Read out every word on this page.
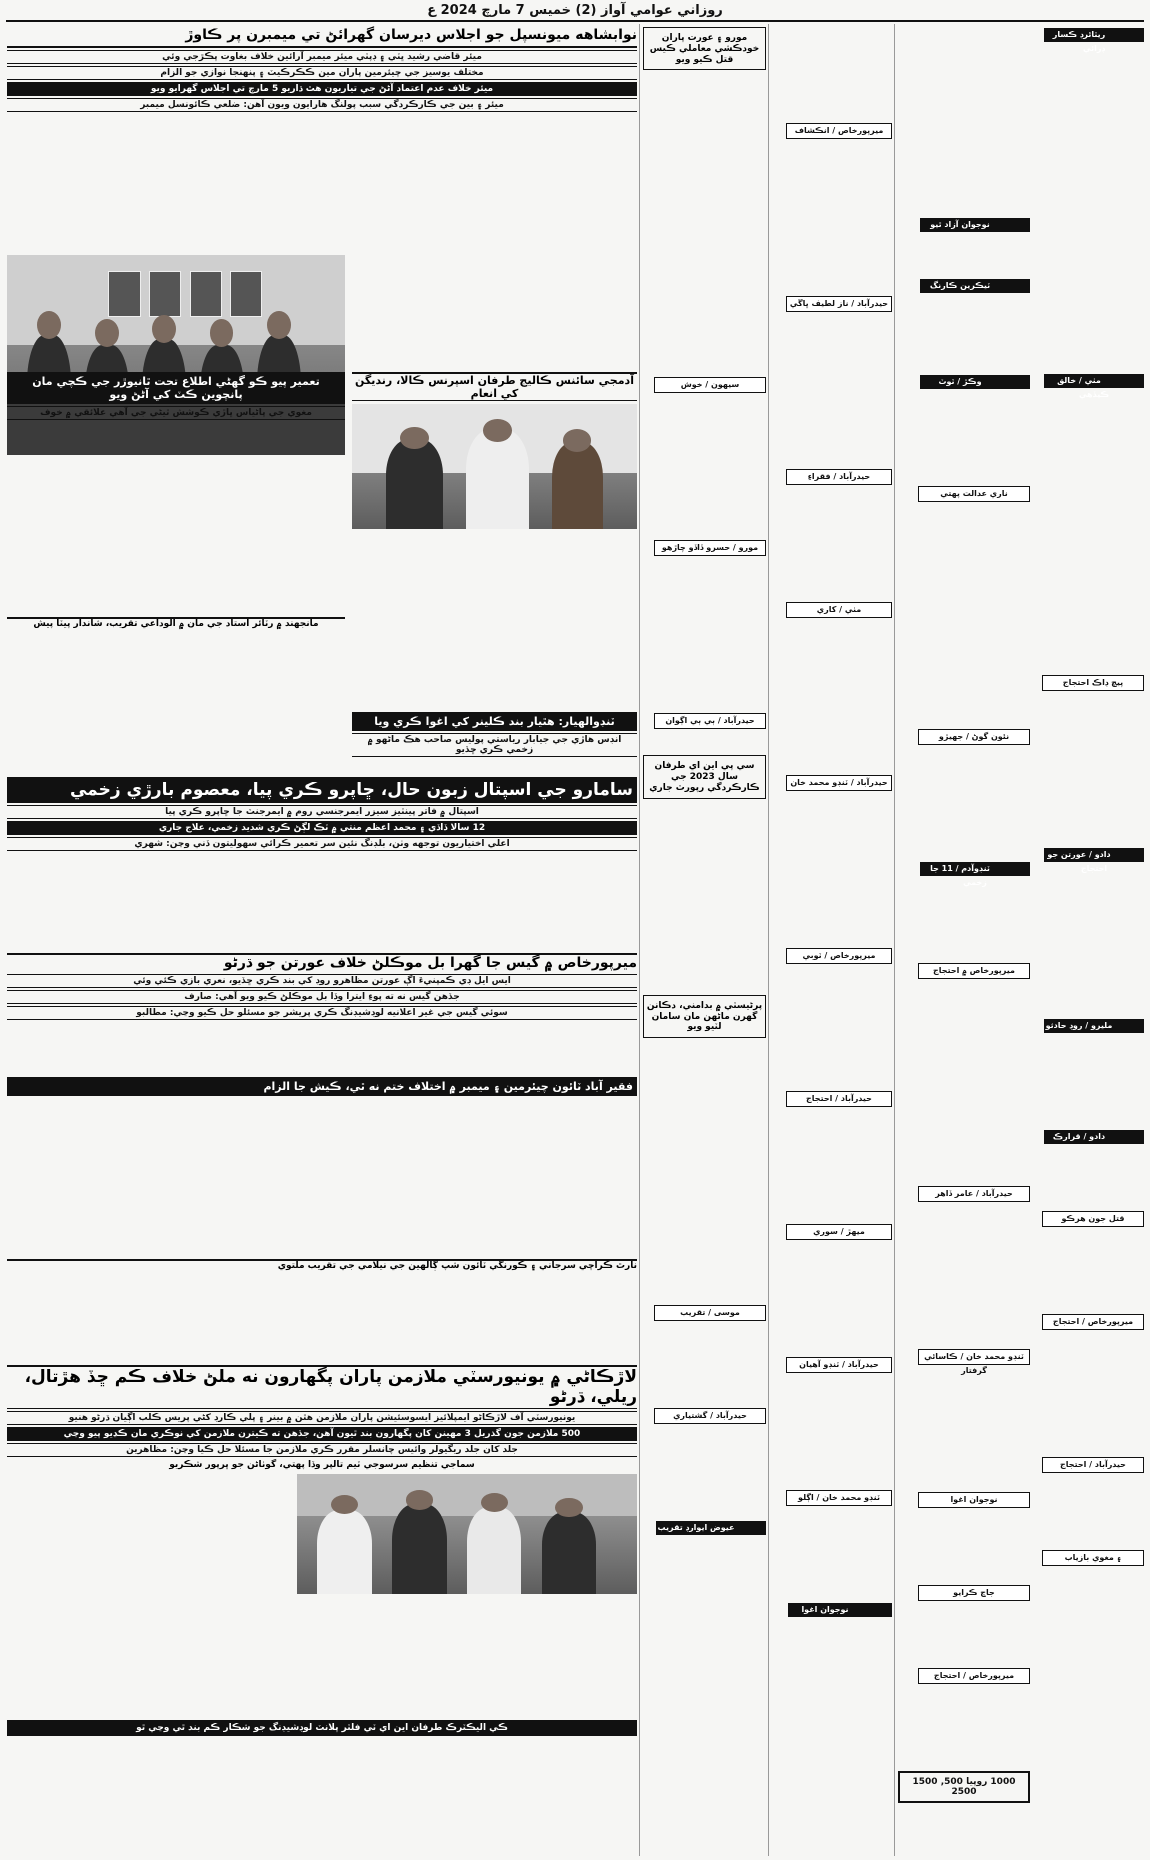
روزاني عوامي آواز (2) خميس 7 مارچ 2024 ع
ريٽائرڊ ڪسار ڊرائي
مٺي / خالق ڪيڏهي
پيچ ڊاڪ احتجاج
دادو / عورتن جو احتجاج
مليرو / روڊ حادثو
دادو / قرارڪ
قتل جون هرڪو
ميرپورخاص / احتجاج
حيدرآباد / احتجاج
۽ مغوي بازياب
نوجوان آزاد ٿيو
ٽيڪرين ڪارنگ
وڪڙ / ٽوٽ
ناري عدالت پهتي
نئون گوڻ / جهيڙو
ٽنڊوآدم / 11 جا زخمي
ميرپورخاص ۾ احتجاج
حيدرآباد / عامر ڏاهر
ٽنڊو محمد خان / ڪاسائي گرفتار
نوجوان اغوا
جاچ ڪرايو
ميرپورخاص / احتجاج
1000 روپيا 500, 1500 2500
ميرپورخاص / انڪشاف
حيدرآباد / ناز لطيف ڀاڱي
حيدرآباد / فقراءِ
مٺي / کاري
حيدرآباد / ٽنڊو محمد خان
ميرپورخاص / ٽوبي
حيدرآباد / احتجاج
ميهڙ / سوري
حيدرآباد / ٽنڊو آهيان
ٽنڊو محمد خان / اڳلو
نوجوان اغوا
مورو ۽ عورت پاران خودڪشي معاملي ڪيس قتل ڪيو ويو
سيهون / خوش
مورو / حسرو ڏاڏو چاڙهو
حيدرآباد / ٻي ٻي اڳوان
سي پي اين اي طرفان سال 2023 جي ڪارڪردگي رپورٽ جاري
پرڻيسٽي ۾ بدامني، دڪانن گهرن ماڻهن مان سامان لٽيو ويو
موسی / تقريب
حيدرآباد / گشتياري
عيوض ايوارڊ تقريب
نوابشاهه ميونسپل جو اجلاس ديرسان گهرائڻ تي ميمبرن پر ڪاوڙ
ميئر قاضي رشيد ڀٽي ۽ ڊپٽي ميئر ميمبر آرائين خلاف بغاوت پڪڙجي وئي
مختلف يوسيز جي چيئرمين پاران مين ڪڪرڪيٽ ۽ پنهنجا نوازي جو الزام
ميئر خلاف عدم اعتماد آڻڻ جي تياريون هٿ ڌاريو 5 مارچ تي اجلاس گهرايو ويو
ميئر ۽ بين جي ڪارڪردگي سبب پولنگ هارايون ويون آهن: ضلعي ڪائونسل ميمبر
آدمجي سائنس ڪاليج طرفان اسپرنس ڪالا، رنديگن کي انعام
تعمير پيو ڪو گهڻي اطلاع تحت ٿانيوڙر جي ڪچي مان پانچوين ڪٽ کي آڻڻ ويو
مغوي جي پاڻياس ڀاڙي ڪوشش ٿيڻي جي آهي علائقي ۾ خوف
مانجهند ۾ رٽائر استاد جي مان ۾ الوداعي تقريب، شاندار پيٽا پيش
ٽنڊوالهيار: هٿيار بند ڪلينر کي اغوا ڪري ويا
انڊس هاڙي جي جيابار رياستي پوليس صاحب هڪ ماڻهو ۾ زخمي ڪري ڇڏيو
سامارو جي اسپتال زبون حال، ڇاپرو ڪري پيا، معصوم بارڙي زخمي
اسپتال ۾ فاتر پينٽيز سيزر ايمرجنسي روم ۾ ايمرجنٽ جا ڇاپرو ڪري پيا
12 سالا ڏاڏي ۽ محمد اعظم منتي ۾ ٽڪ لڳڻ ڪري شديد زخمي، علاج جاري
اعلي اختياريون توجهه وٺن، بلڊنگ نئين سر تعمير ڪرائي سهوليتون ڏني وڃن: شهري
ميرپورخاص ۾ گيس جا گهرا بل موڪلڻ خلاف عورتن جو ڌرڻو
ايس ايل ڊي ڪمپنيءَ اڳ عورتن مظاهرو روڊ کي بند ڪري ڇڏيو، نعري بازي ڪئي وئي
جڏهن گيس نه ته پوءِ ايترا وڏا بل موڪلڻ ڪيو ويو آهي: صارف
سوئي گيس جي غير اعلانيه لوڊشيڊنگ ڪري پريشر جو مسئلو حل ڪيو وڃي: مطالبو
فقير آباد ٽائون چيئرمين ۽ ميمبر ۾ اختلاف ختم نه ٿي، ڪيش جا الزام
نارٿ ڪراچي سرجاني ۽ ڪورنگي ٽائون شپ ڳالهين جي نيلامي جي تقريب ملتوي
لاڙڪاڻي ۾ يونيورسٽي ملازمن پاران پگهارون نه ملڻ خلاف ڪم ڇڏ هڙتال، ريلي، ڌرڻو
يونيورسٽي آف لاڙڪاڻو ايمپلائيز ايسوسئيشن پاران ملازمن هٿن ۾ بينر ۽ پلي ڪارڊ کڻي پريس ڪلب اڳيان ڌرڻو هنيو
500 ملازمن جون گذريل 3 مهينن کان پگهارون بند ٿيون آهن، جڏهن ته ڪيترن ملازمن کي نوڪري مان ڪڍيو پيو وڃي
جلد کان جلد ريگيولر وائيس چانسلر مقرر ڪري ملازمن جا مسئلا حل ڪيا وڃن: مظاهرين
سماجي تنظيم سرسوجي ٽيم تالپر وڏا پهتي، گوٺاڻن جو ڀرپور شڪريو
ڪي اليڪٽرڪ طرفان اين اي ٽي فلٽر پلانٽ لوڊشيڊنگ جو شڪار ڪم بند ٿي وڃي ٿو
